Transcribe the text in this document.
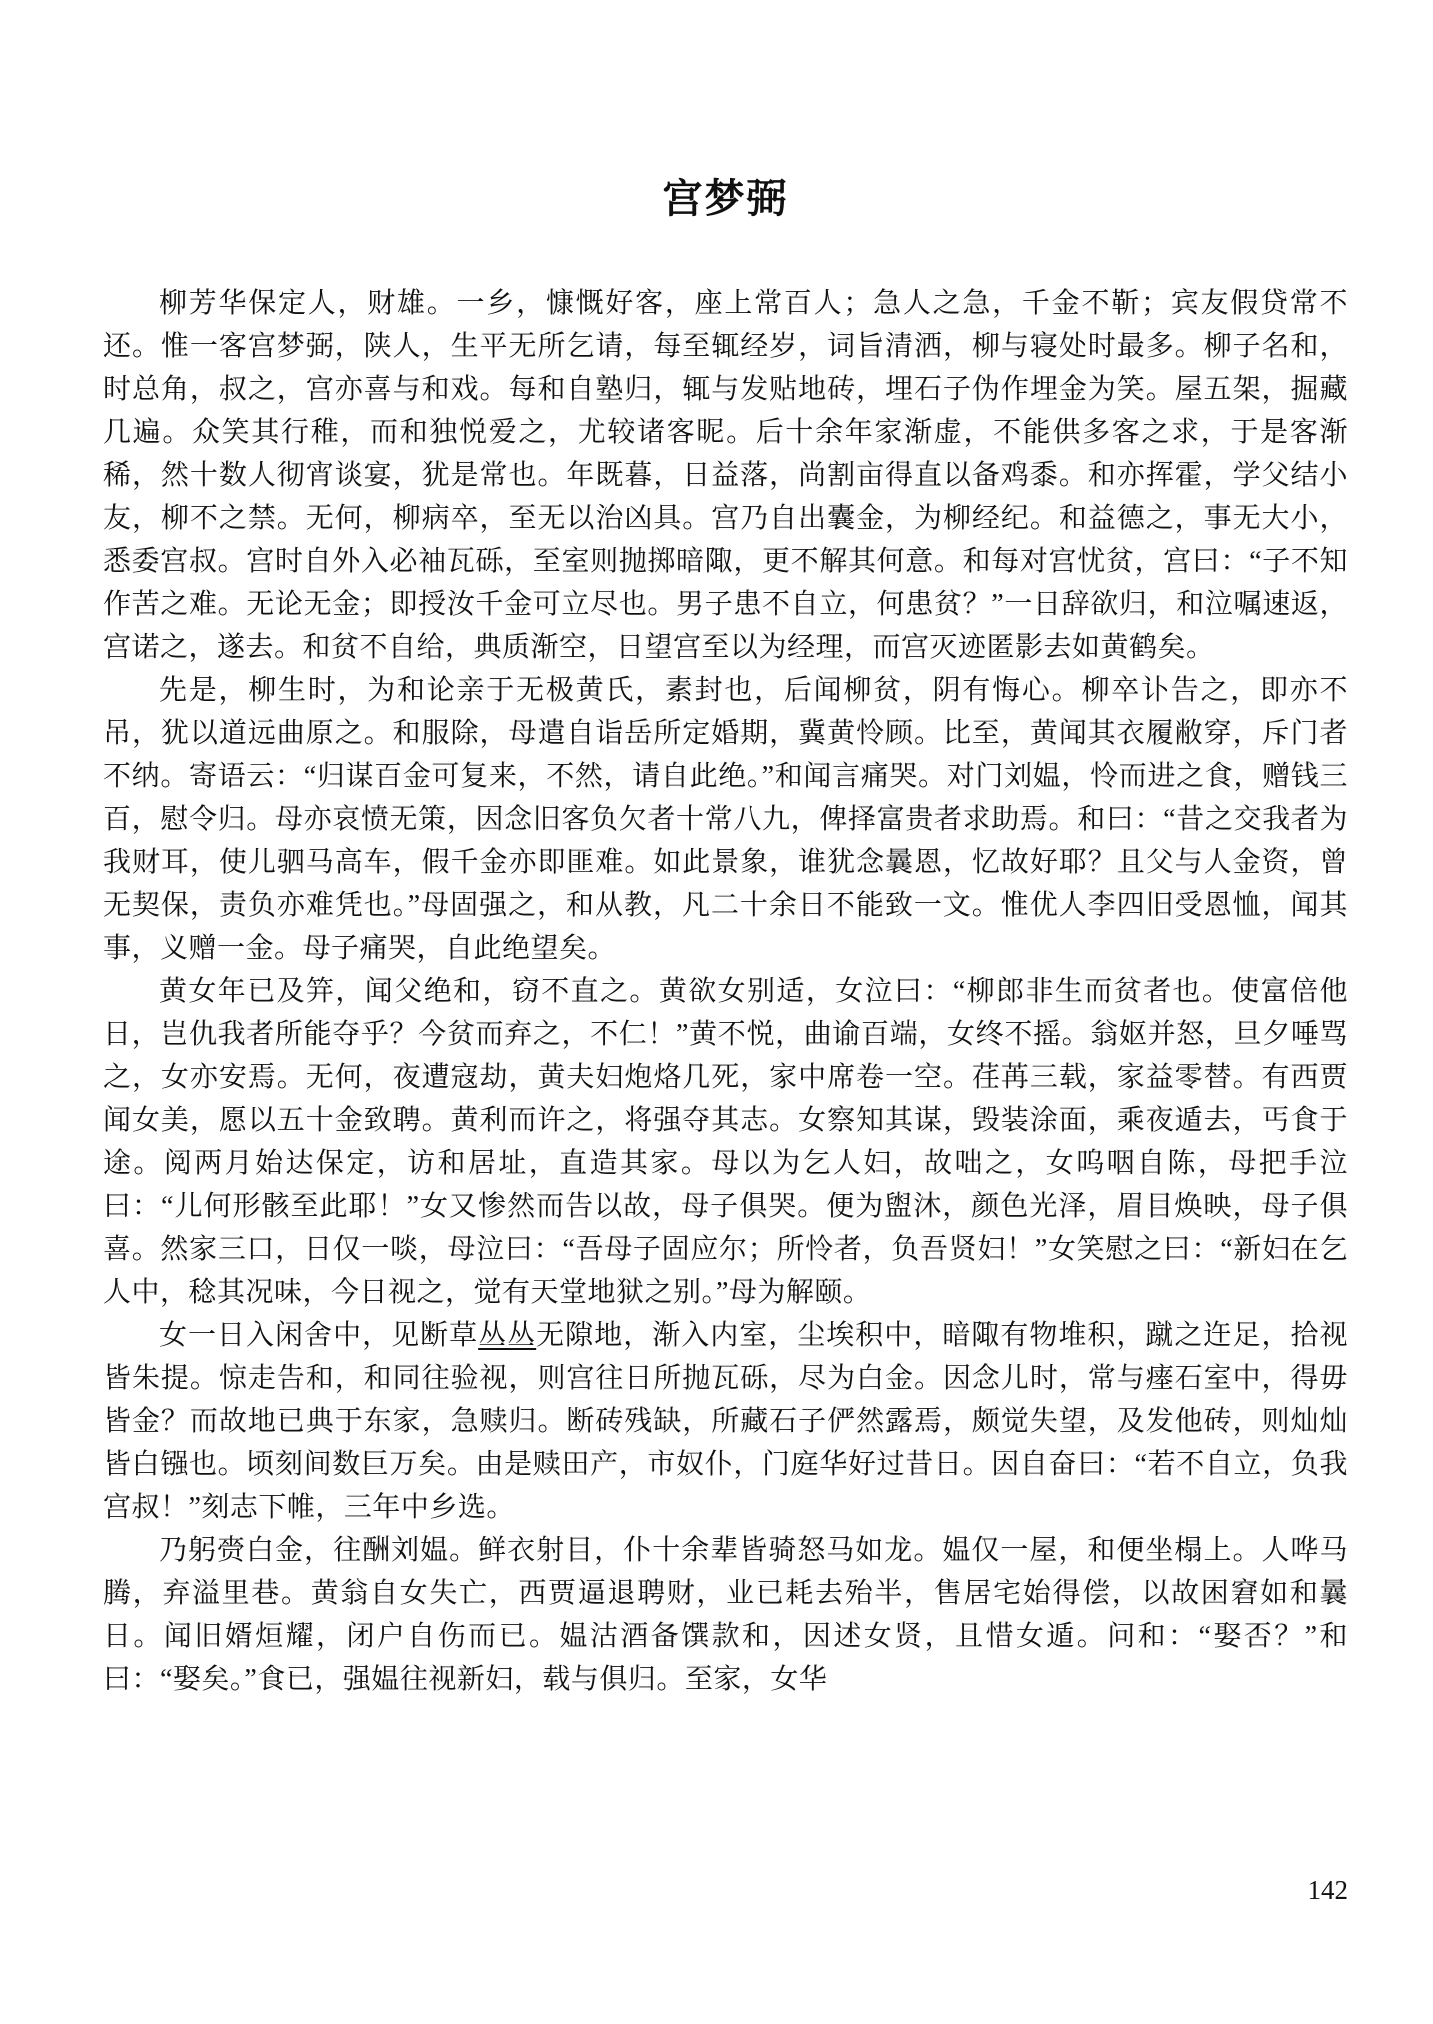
宫梦弼

柳芳华保定人，财雄。一乡，慷慨好客，座上常百人；急人之急，千金不靳；宾友假贷常不还。惟一客宫梦弼，陕人，生平无所乞请，每至辄经岁，词旨清洒，柳与寝处时最多。柳子名和，时总角，叔之，宫亦喜与和戏。每和自塾归，辄与发贴地砖，埋石子伪作埋金为笑。屋五架，掘藏几遍。众笑其行稚，而和独悦爱之，尤较诸客昵。后十余年家渐虚，不能供多客之求，于是客渐稀，然十数人彻宵谈宴，犹是常也。年既暮，日益落，尚割亩得直以备鸡黍。和亦挥霍，学父结小友，柳不之禁。无何，柳病卒，至无以治凶具。宫乃自出囊金，为柳经纪。和益德之，事无大小，悉委宫叔。宫时自外入必袖瓦砾，至室则抛掷暗陬，更不解其何意。和每对宫忧贫，宫曰：“子不知作苦之难。无论无金；即授汝千金可立尽也。男子患不自立，何患贫？”一日辞欲归，和泣嘱速返，宫诺之，遂去。和贫不自给，典质渐空，日望宫至以为经理，而宫灭迹匿影去如黄鹤矣。

先是，柳生时，为和论亲于无极黄氏，素封也，后闻柳贫，阴有悔心。柳卒讣告之，即亦不吊，犹以道远曲原之。和服除，母遣自诣岳所定婚期，冀黄怜顾。比至，黄闻其衣履敝穿，斥门者不纳。寄语云：“归谋百金可复来，不然，请自此绝。”和闻言痛哭。对门刘媪，怜而进之食，赠钱三百，慰令归。母亦哀愤无策，因念旧客负欠者十常八九，俾择富贵者求助焉。和曰：“昔之交我者为我财耳，使儿驷马高车，假千金亦即匪难。如此景象，谁犹念曩恩，忆故好耶？且父与人金资，曾无契保，责负亦难凭也。”母固强之，和从教，凡二十余日不能致一文。惟优人李四旧受恩恤，闻其事，义赠一金。母子痛哭，自此绝望矣。

黄女年已及笄，闻父绝和，窃不直之。黄欲女别适，女泣曰：“柳郎非生而贫者也。使富倍他日，岂仇我者所能夺乎？今贫而弃之，不仁！”黄不悦，曲谕百端，女终不摇。翁妪并怒，旦夕唾骂之，女亦安焉。无何，夜遭寇劫，黄夫妇炮烙几死，家中席卷一空。荏苒三载，家益零替。有西贾闻女美，愿以五十金致聘。黄利而许之，将强夺其志。女察知其谋，毁装涂面，乘夜遁去，丐食于途。阅两月始达保定，访和居址，直造其家。母以为乞人妇，故咄之，女呜咽自陈，母把手泣曰：“儿何形骸至此耶！”女又惨然而告以故，母子俱哭。便为盥沐，颜色光泽，眉目焕映，母子俱喜。然家三口，日仅一啖，母泣曰：“吾母子固应尔；所怜者，负吾贤妇！”女笑慰之曰：“新妇在乞人中，稔其况味，今日视之，觉有天堂地狱之别。”母为解颐。

女一日入闲舍中，见断草丛丛无隙地，渐入内室，尘埃积中，暗陬有物堆积，蹴之迕足，拾视皆朱提。惊走告和，和同往验视，则宫往日所抛瓦砾，尽为白金。因念儿时，常与瘗石室中，得毋皆金？而故地已典于东家，急赎归。断砖残缺，所藏石子俨然露焉，颇觉失望，及发他砖，则灿灿皆白镪也。顷刻间数巨万矣。由是赎田产，市奴仆，门庭华好过昔日。因自奋曰：“若不自立，负我宫叔！”刻志下帷，三年中乡选。

乃躬赍白金，往酬刘媪。鲜衣射目，仆十余辈皆骑怒马如龙。媪仅一屋，和便坐榻上。人哗马腾，弃溢里巷。黄翁自女失亡，西贾逼退聘财，业已耗去殆半，售居宅始得偿，以故困窘如和曩日。闻旧婿烜耀，闭户自伤而已。媪沽酒备馔款和，因述女贤，且惜女遁。问和：“娶否？”和曰：“娶矣。”食已，强媪往视新妇，载与俱归。至家，女华

142
